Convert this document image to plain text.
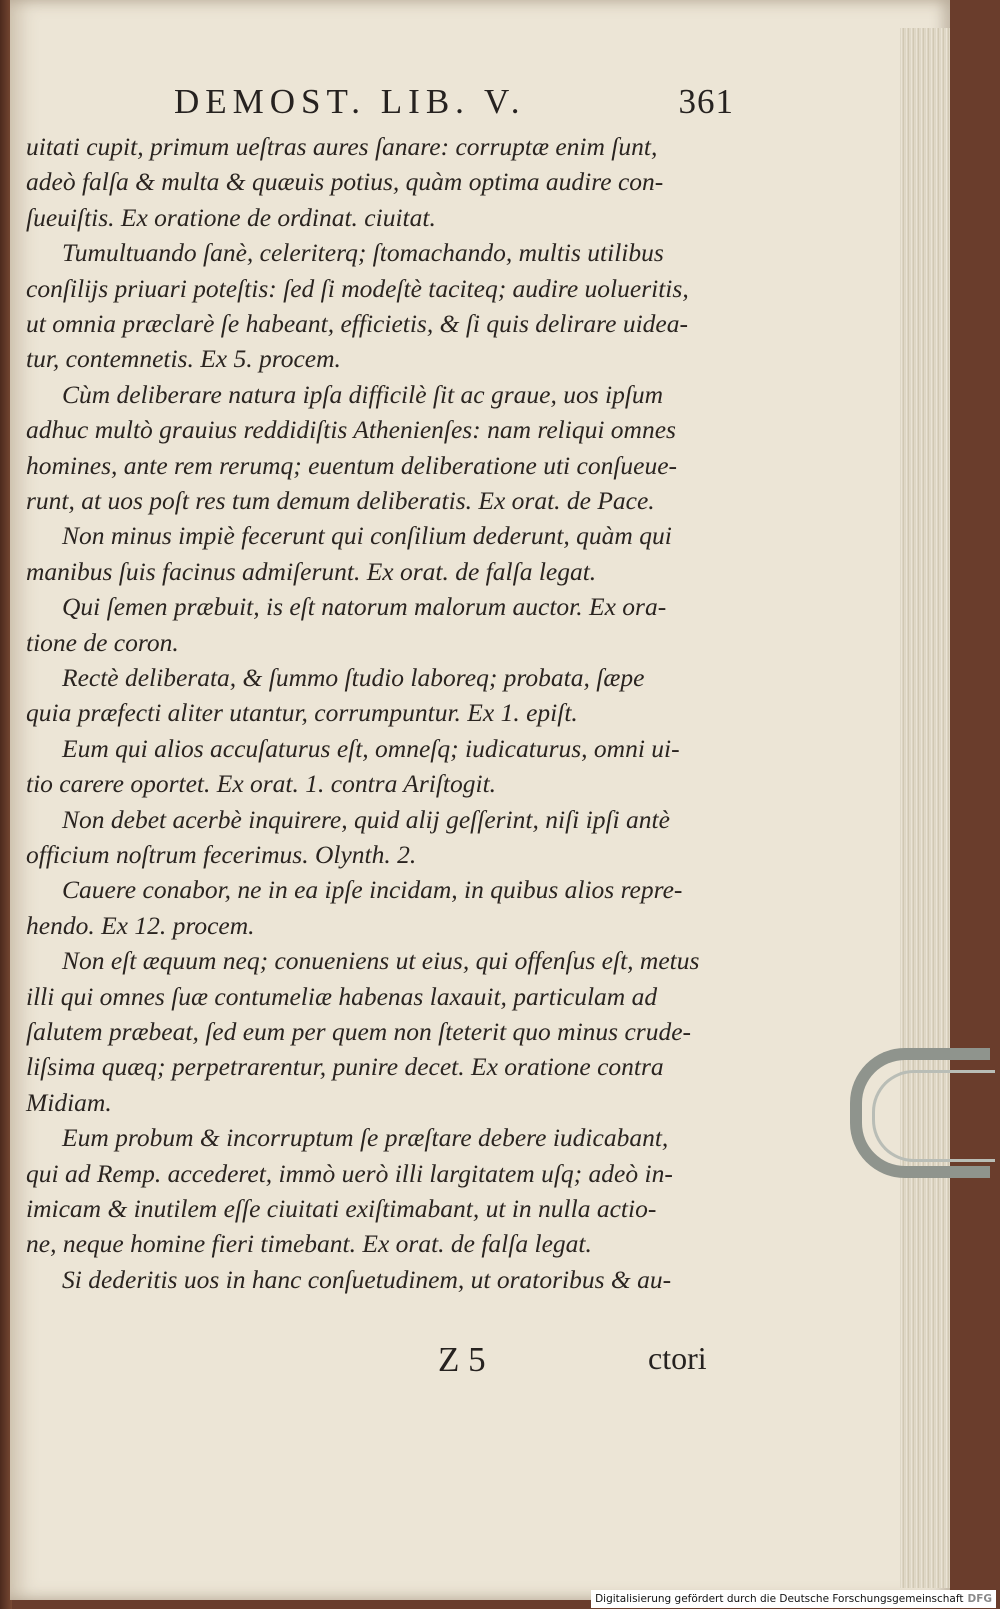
DEMOST. LIB. V.	361
uitati cupit, primum ueſtras aures ſanare: corruptæ enim ſunt,
adeò falſa & multa & quæuis potius, quàm optima audire con-
ſueuiſtis. Ex oratione de ordinat. ciuitat.
Tumultuando ſanè, celeriterq; ſtomachando, multis utilibus
conſilijs priuari poteſtis: ſed ſi modeſtè taciteq; audire uolueritis,
ut omnia præclarè ſe habeant, efficietis, & ſi quis delirare uidea-
tur, contemnetis. Ex 5. procem.
Cùm deliberare natura ipſa difficilè ſit ac graue, uos ipſum
adhuc multò grauius reddidiſtis Athenienſes: nam reliqui omnes
homines, ante rem rerumq; euentum deliberatione uti conſueue-
runt, at uos poſt res tum demum deliberatis. Ex orat. de Pace.
Non minus impiè fecerunt qui conſilium dederunt, quàm qui
manibus ſuis facinus admiſerunt. Ex orat. de falſa legat.
Qui ſemen præbuit, is eſt natorum malorum auctor. Ex ora-
tione de coron.
Rectè deliberata, & ſummo ſtudio laboreq; probata, ſæpe
quia præfecti aliter utantur, corrumpuntur. Ex 1. epiſt.
Eum qui alios accuſaturus eſt, omneſq; iudicaturus, omni ui-
tio carere oportet. Ex orat. 1. contra Ariſtogit.
Non debet acerbè inquirere, quid alij geſſerint, niſi ipſi antè
officium noſtrum fecerimus. Olynth. 2.
Cauere conabor, ne in ea ipſe incidam, in quibus alios repre-
hendo. Ex 12. procem.
Non eſt æquum neq; conueniens ut eius, qui offenſus eſt, metus
illi qui omnes ſuæ contumeliæ habenas laxauit, particulam ad
ſalutem præbeat, ſed eum per quem non ſteterit quo minus crude-
liſsima quæq; perpetrarentur, punire decet. Ex oratione contra
Midiam.
Eum probum & incorruptum ſe præſtare debere iudicabant,
qui ad Remp. accederet, immò uerò illi largitatem uſq; adeò in-
imicam & inutilem eſſe ciuitati exiſtimabant, ut in nulla actio-
ne, neque homine fieri timebant. Ex orat. de falſa legat.
Si dederitis uos in hanc conſuetudinem, ut oratoribus & au-
Z 5	ctori
Digitalisierung gefördert durch die Deutsche Forschungsgemeinschaft DFG
